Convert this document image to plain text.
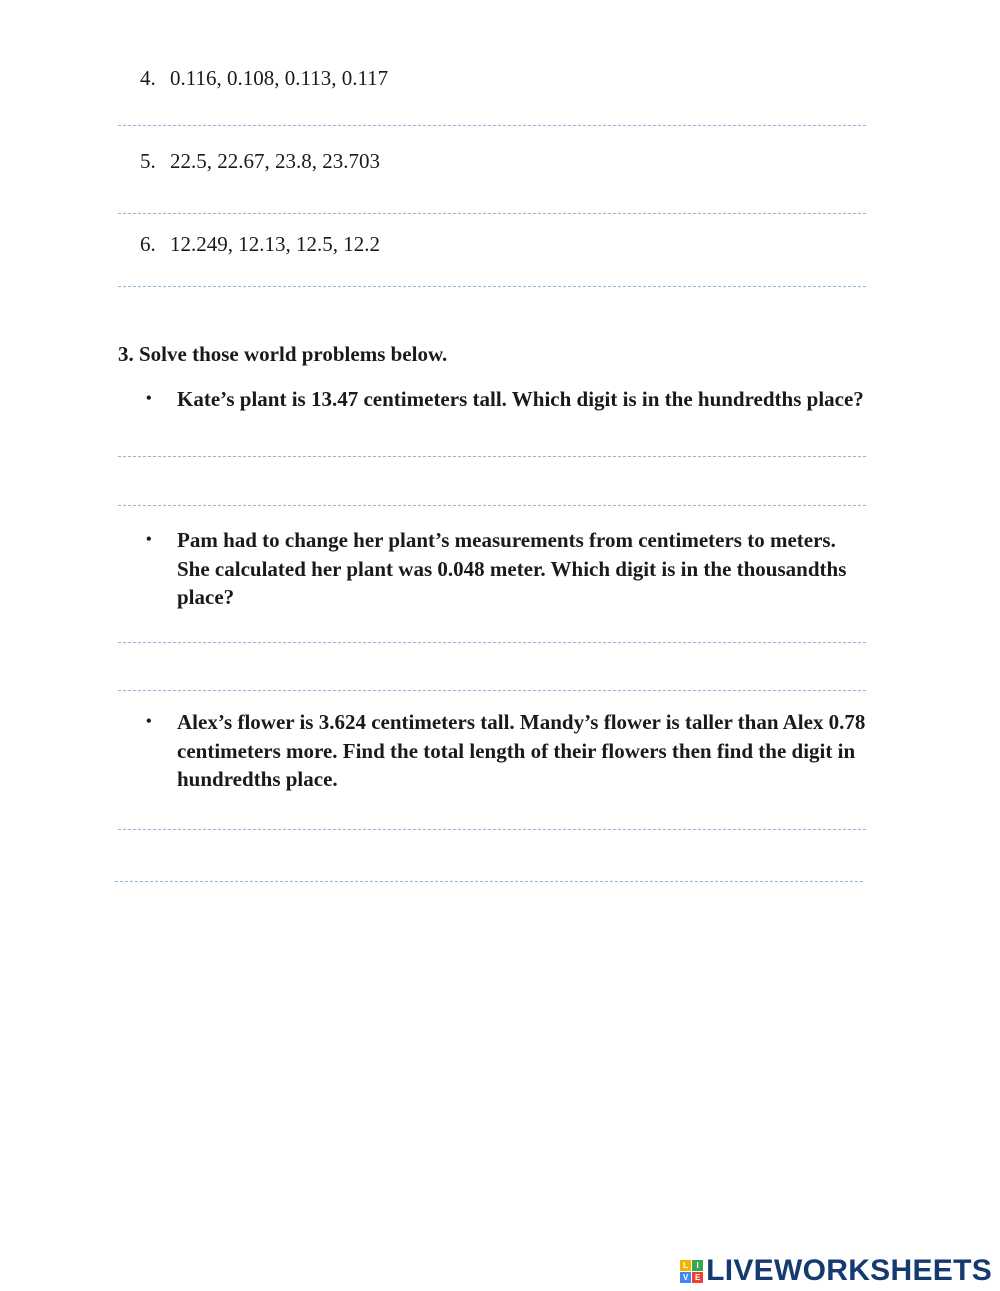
4. 0.116, 0.108, 0.113, 0.117
5. 22.5, 22.67, 23.8, 23.703
6. 12.249, 12.13, 12.5, 12.2
3. Solve those world problems below.
• Kate’s plant is 13.47 centimeters tall. Which digit is in the hundredths place?
• Pam had to change her plant’s measurements from centimeters to meters. She calculated her plant was 0.048 meter. Which digit is in the thousandths place?
• Alex’s flower is 3.624 centimeters tall. Mandy’s flower is taller than Alex 0.78 centimeters more. Find the total length of their flowers then find the digit in hundredths place.
L	I
V E LIVEWORKSHEETS
